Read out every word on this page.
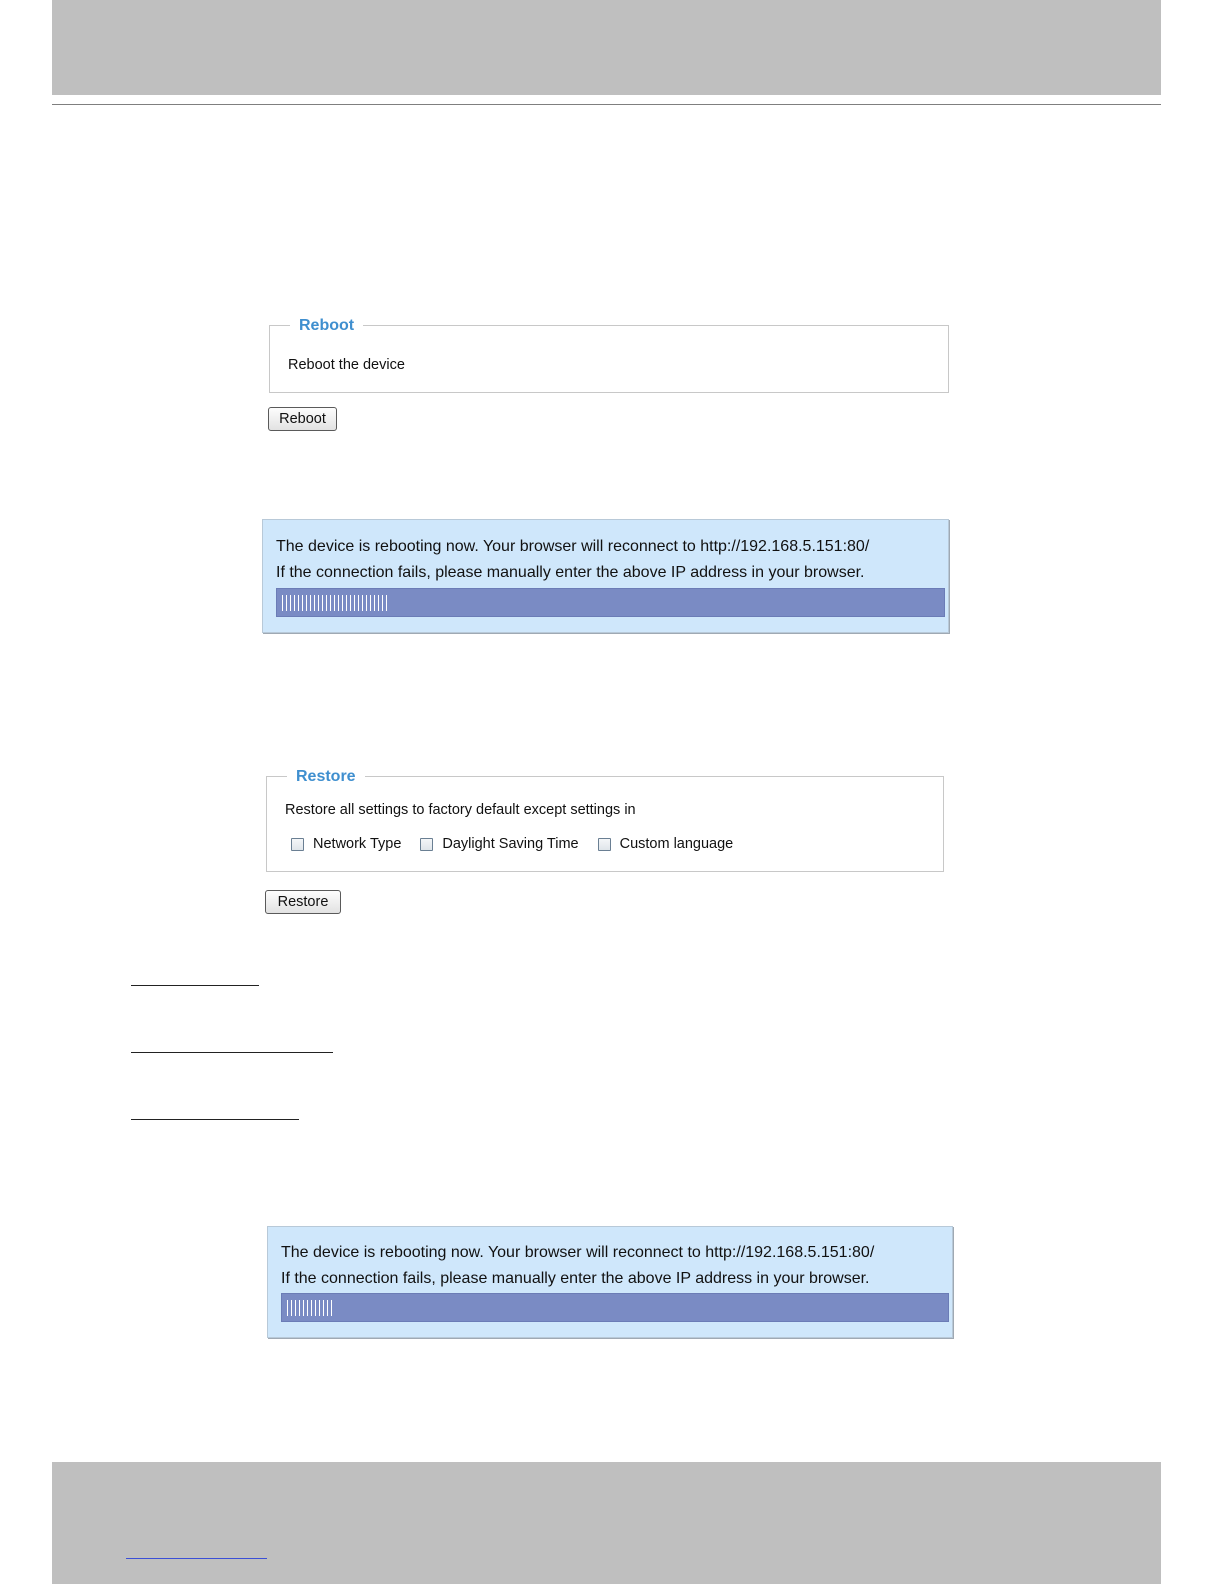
Reboot
Reboot the device
Reboot
The device is rebooting now. Your browser will reconnect to http://192.168.5.151:80/
If the connection fails, please manually enter the above IP address in your browser.
Restore
Restore all settings to factory default except settings in
Network Type	Daylight Saving Time	Custom language
Restore
The device is rebooting now. Your browser will reconnect to http://192.168.5.151:80/
If the connection fails, please manually enter the above IP address in your browser.
